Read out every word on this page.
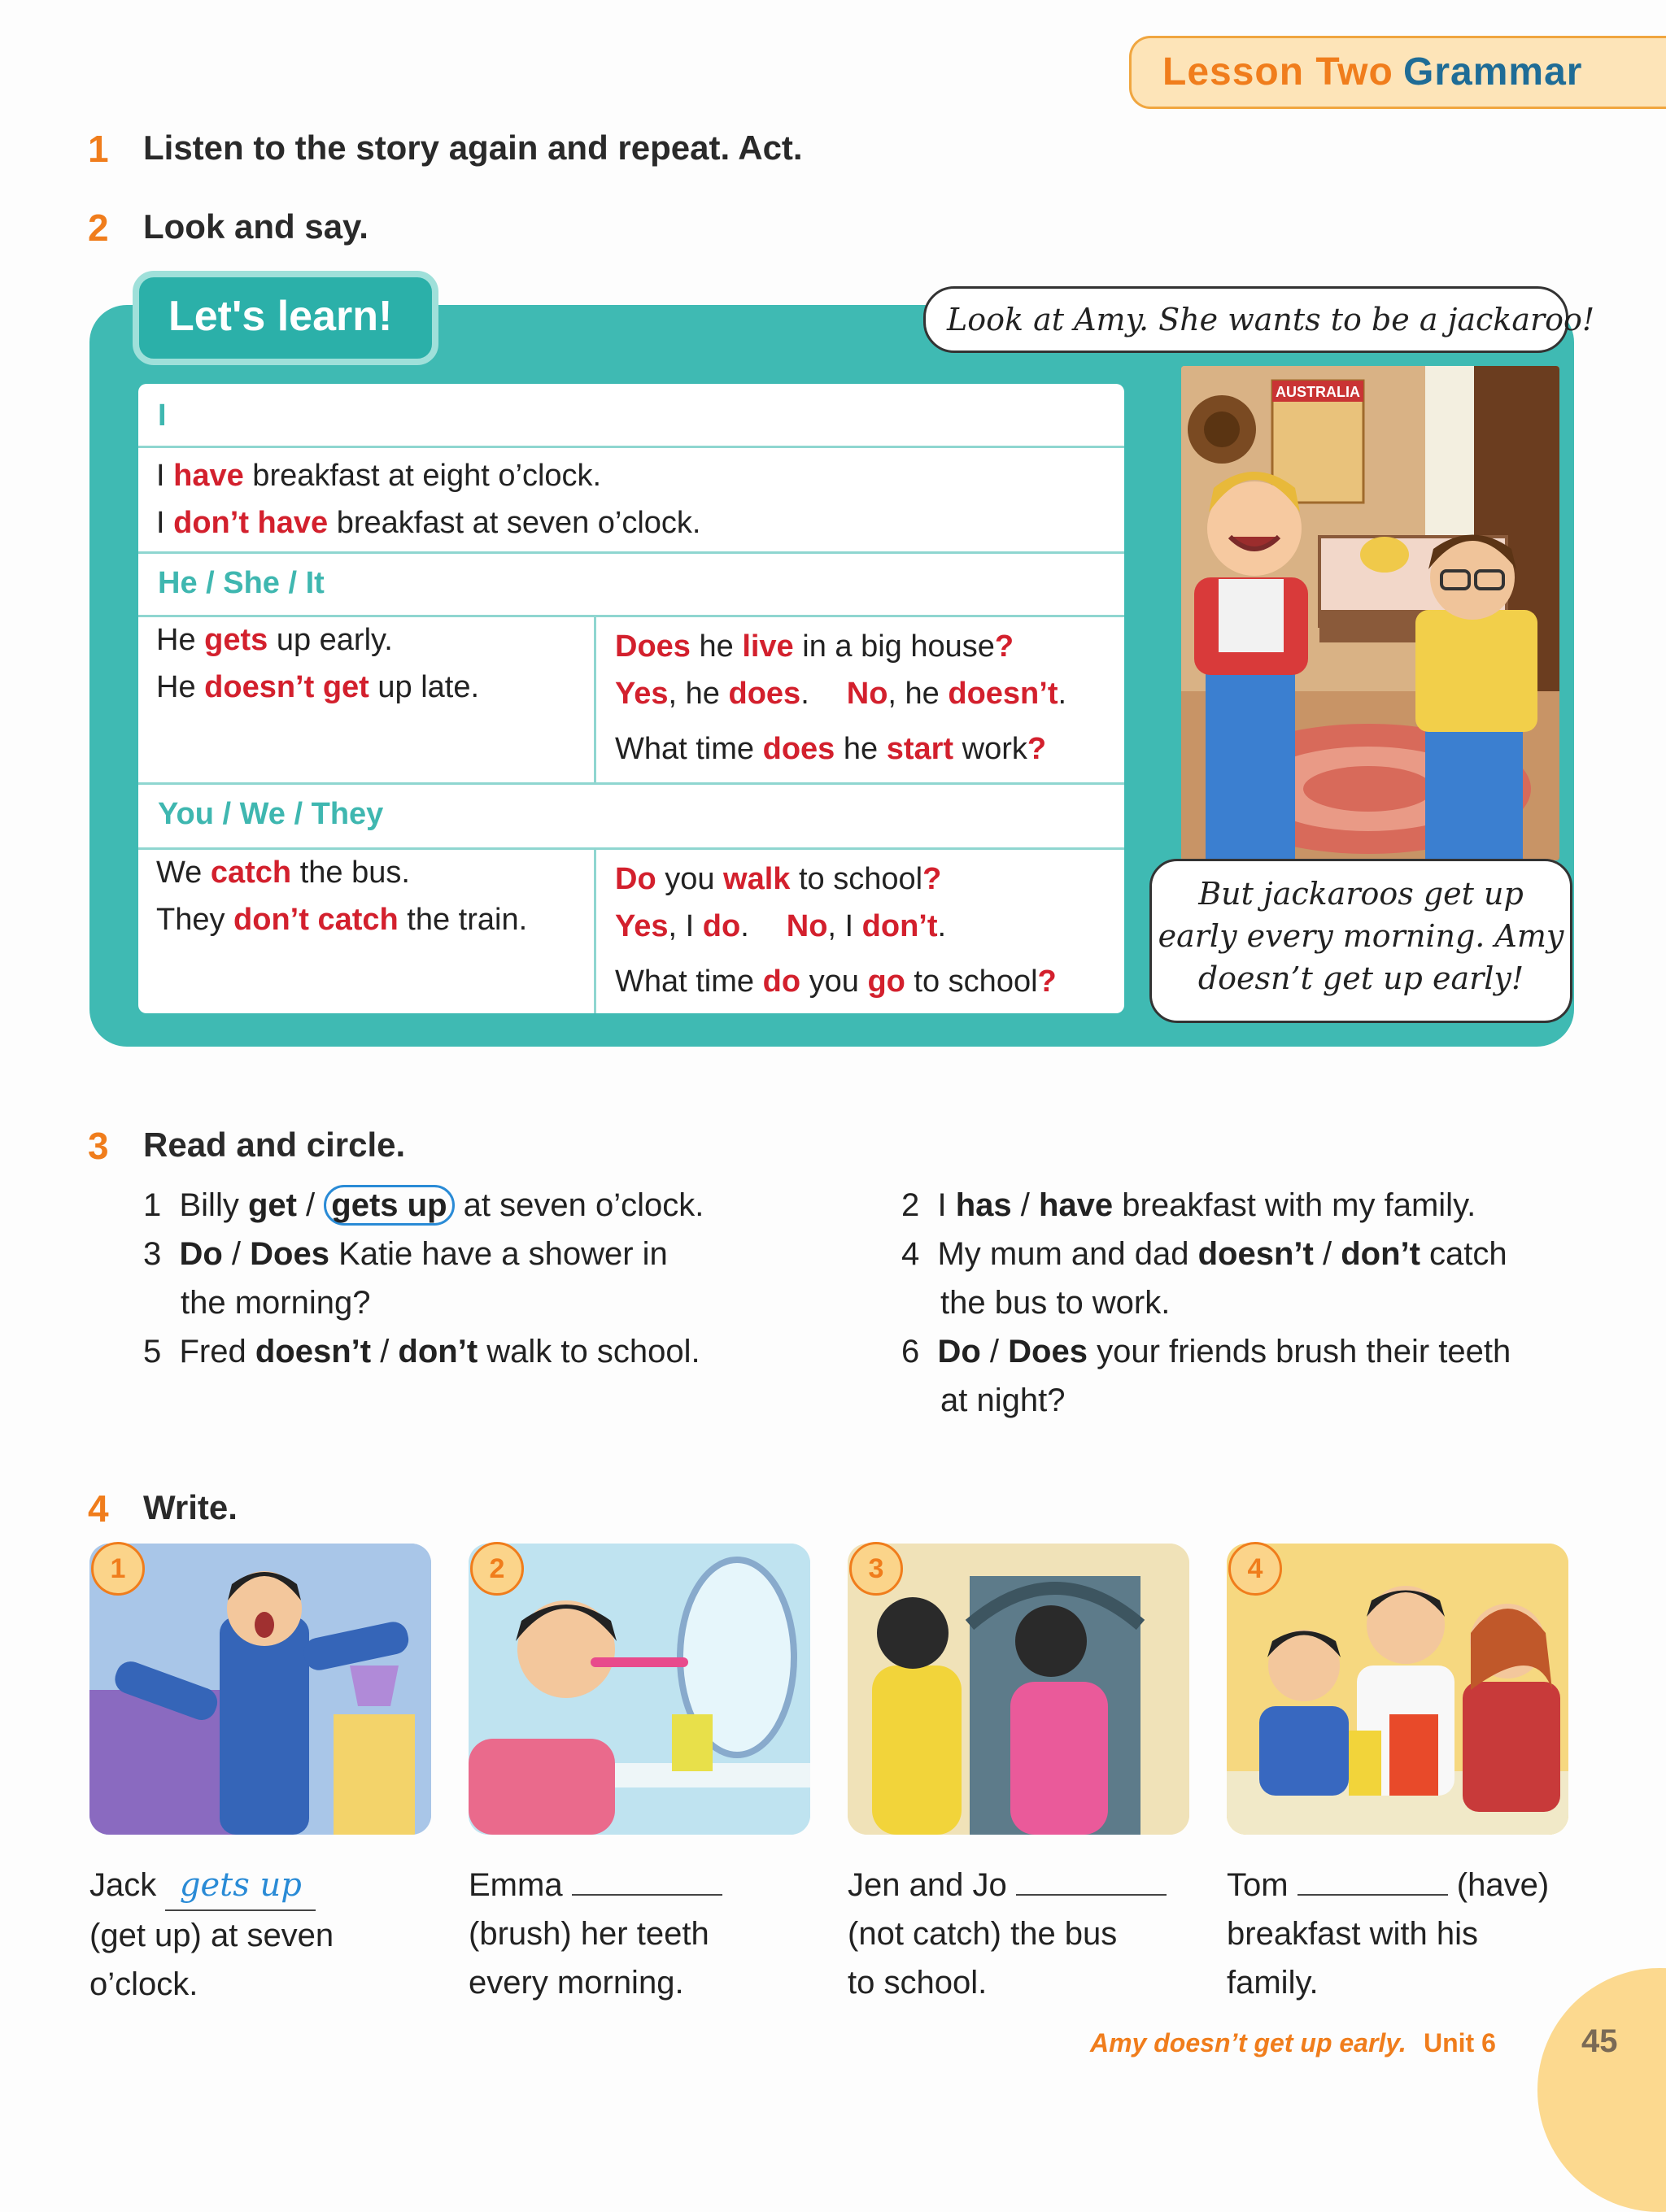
Lesson Two Grammar
1 Listen to the story again and repeat. Act.
2 Look and say.
Let's learn!
I
I have breakfast at eight o’clock.
I don’t have breakfast at seven o’clock.
He / She / It
He gets up early.
He doesn’t get up late.
Does he live in a big house?
Yes, he does. No, he doesn’t.
What time does he start work?
You / We / They
We catch the bus.
They don’t catch the train.
Do you walk to school?
Yes, I do. No, I don’t.
What time do you go to school?
AUSTRALIA
Look at Amy. She wants to be a jackaroo!
But jackaroos get up
early every morning. Amy
doesn’t get up early!
3 Read and circle.
1 Billy get / gets up at seven o’clock.	2 I has / have breakfast with my family.
3 Do / Does Katie have a shower in
the morning?
4 My mum and dad doesn’t / don’t catch
the bus to work.
5 Fred doesn’t / don’t walk to school.	6 Do / Does your friends brush their teeth
at night?
4 Write.
1	2	3	4
Jack gets up
(get up) at seven
o’clock.
Emma
(brush) her teeth
every morning.
Jen and Jo
(not catch) the bus
to school.
Tom	(have)
breakfast with his
family.
Amy doesn’t get up early. Unit 6	45
